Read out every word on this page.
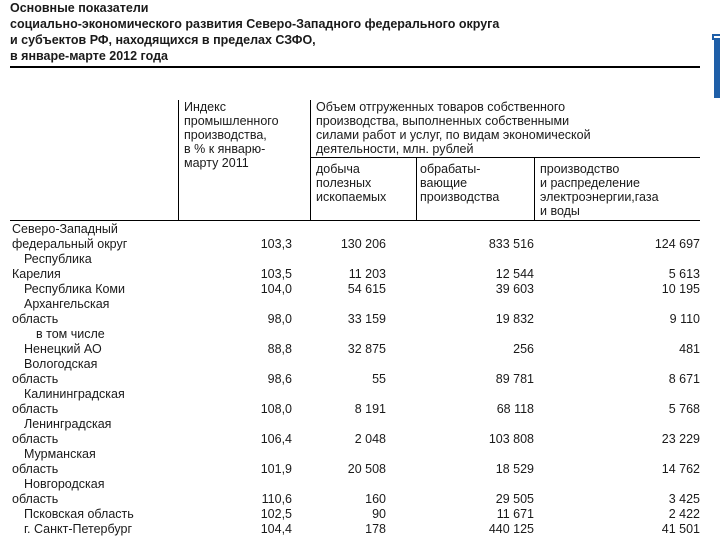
Основные показатели
социально-экономического развития Северо-Западного федерального округа
и субъектов РФ, находящихся в пределах СЗФО,
в январе-марте 2012 года
Индекс
промышленного
производства,
в % к январю-
марту 2011
Объем отгруженных товаров собственного
производства, выполненных собственными
силами работ и услуг, по видам экономической
деятельности, млн. рублей
добыча
полезных
ископаемых
обрабаты-
вающие
производства
производство
и распределение
электроэнергии,газа
и воды
Северо-Западный
федеральный округ	103,3	130 206	833 516	124 697
Республика
Карелия	103,5	11 203	12 544	5 613
Республика Коми	104,0	54 615	39 603	10 195
Архангельская
область	98,0	33 159	19 832	9 110
в том числе
Ненецкий АО	88,8	32 875	256	481
Вологодская
область	98,6	55	89 781	8 671
Калининградская
область	108,0	8 191	68 118	5 768
Ленинградская
область	106,4	2 048	103 808	23 229
Мурманская
область	101,9	20 508	18 529	14 762
Новгородская
область	110,6	160	29 505	3 425
Псковская область	102,5	90	11 671	2 422
г. Санкт-Петербург	104,4	178	440 125	41 501
